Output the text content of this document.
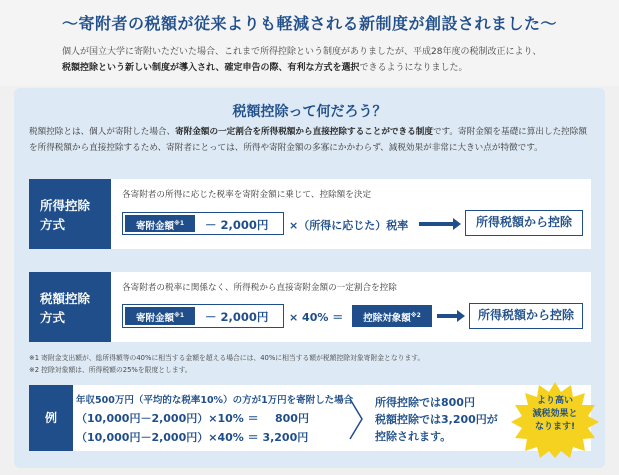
～寄附者の税額が従来よりも軽減される新制度が創設されました～
個人が国立大学に寄附いただいた場合、これまで所得控除という制度がありましたが、平成28年度の税制改正により、
税額控除という新しい制度が導入され、確定申告の際、有利な方式を選択できるようになりました。
税額控除って何だろう？
税額控除とは、個人が寄附した場合、寄附金額の一定割合を所得税額から直接控除することができる制度です。寄附金額を基礎に算出した控除額を所得税額から直接控除するため、寄附者にとっては、所得や寄附金額の多寡にかかわらず、減税効果が非常に大きい点が特徴です。
所得控除
方式
各寄附者の所得に応じた税率を寄附金額に乗じて、控除額を決定
寄附金額$^{※1}$	－ 2,000円 ×（所得に応じた）税率	所得税額から控除
税額控除
方式
各寄附者の税率に関係なく、所得税から直接寄附金額の一定割合を控除
寄附金額$^{※1}$	－ 2,000円 × 40% ＝	控除対象額$^{※2}$	所得税額から控除
※1 寄附金支出額が、総所得額等の40%に相当する金額を超える場合には、40%に相当する額が税額控除対象寄附金となります。
※2 控除対象額は、所得税額の25%を限度とします。
例
年収500万円（平均的な税率10%）の方が1万円を寄附した場合
（10,000円－2,000円）×10% ＝ 800円
（10,000円－2,000円）×40% ＝ 3,200円
所得控除では800円
税額控除では3,200円が
控除されます。
より高い
減税効果と
なります!
